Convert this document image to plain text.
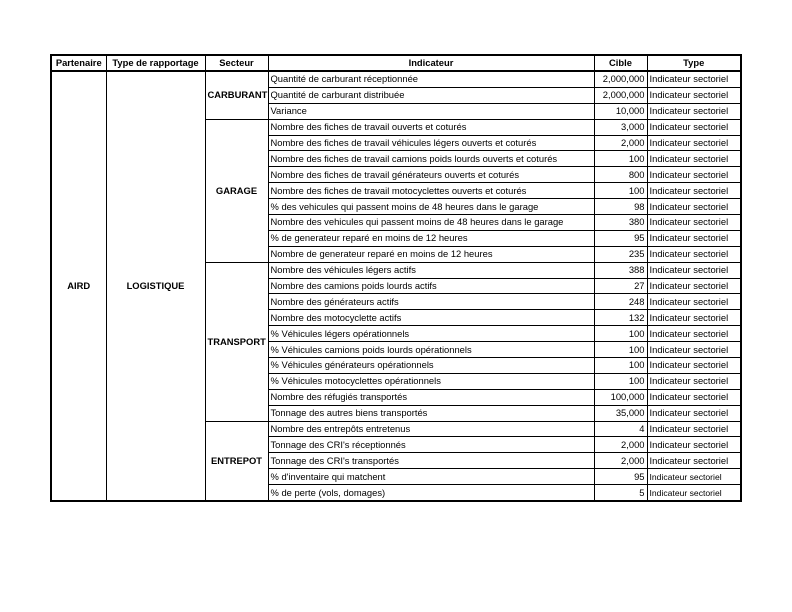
Partenaire	Type de rapportage	Secteur	Indicateur	Cible	Type
AIRD	LOGISTIQUE	CARBURANT	Quantité de carburant réceptionnée	2,000,000	Indicateur sectoriel
			Quantité de carburant distribuée	2,000,000	Indicateur sectoriel
			Variance	10,000	Indicateur sectoriel
		GARAGE	Nombre des fiches de travail ouverts et coturés	3,000	Indicateur sectoriel
			Nombre des fiches de travail véhicules légers ouverts et coturés	2,000	Indicateur sectoriel
			Nombre des fiches de travail camions poids lourds ouverts et coturés	100	Indicateur sectoriel
			Nombre des fiches de travail générateurs ouverts et coturés	800	Indicateur sectoriel
			Nombre des fiches de travail motocyclettes ouverts et coturés	100	Indicateur sectoriel
			% des vehicules qui passent moins de 48 heures dans le garage	98	Indicateur sectoriel
			Nombre des vehicules qui passent moins de 48 heures dans le garage	380	Indicateur sectoriel
			% de generateur reparé en moins de 12 heures	95	Indicateur sectoriel
			Nombre de generateur reparé en moins de 12 heures	235	Indicateur sectoriel
		TRANSPORT	Nombre des véhicules légers actifs	388	Indicateur sectoriel
			Nombre des camions poids lourds actifs	27	Indicateur sectoriel
			Nombre des générateurs actifs	248	Indicateur sectoriel
			Nombre des motocyclette actifs	132	Indicateur sectoriel
			% Véhicules légers opérationnels	100	Indicateur sectoriel
			% Véhicules camions poids lourds opérationnels	100	Indicateur sectoriel
			% Véhicules générateurs opérationnels	100	Indicateur sectoriel
			% Véhicules motocyclettes opérationnels	100	Indicateur sectoriel
			Nombre des réfugiés transportés	100,000	Indicateur sectoriel
			Tonnage des autres biens transportés	35,000	Indicateur sectoriel
		ENTREPOT	Nombre des entrepôts entretenus	4	Indicateur sectoriel
			Tonnage des CRI's réceptionnés	2,000	Indicateur sectoriel
			Tonnage des CRI's transportés	2,000	Indicateur sectoriel
			% d'inventaire qui matchent	95	Indicateur sectoriel
			% de perte (vols, domages)	5	Indicateur sectoriel
